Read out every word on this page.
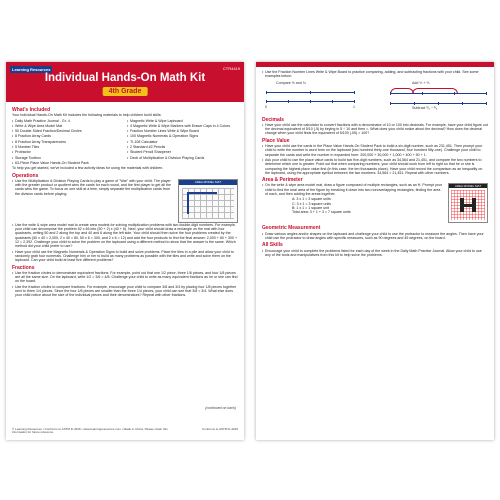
Learning Resources	CTR4419
Individual Hands-On Math Kit
4th Grade
What's Included
Your Individual Hands-On Math Kit includes the following materials to help children build skills:
• Daily Math Practice Journal - Gr. 4
• Write & Wipe Area Model Mat
• 50 Double-Sided Fraction/Decimal Circles
• 8 Fraction Array Cards
• 8 Fraction Array Transparencies
• 5 Number Tiles
• Protractor
• Storage Toolbox
• 63-Piece Place Value Hands-On Student Pack
• Magnetic Write & Wipe Lapboard
• 4 Magnetic Write & Wipe Markers with Eraser Caps in 4 Colors
• Fraction Number Lines Write & Wipe Board
• 100 Magnetic Numerals & Operation Signs
• TI-108 Calculator
• 2 Standard #2 Pencils
• Student Pencil Sharpener
• Deck of Multiplication & Division Playing Cards
To help you get started, we've included a few activity ideas for using the materials with children.
Operations
• Use the Multiplication & Division Playing Cards to play a game of "War" with your child. The player with the greater product or quotient wins the cards for each round, and the first player to get all the cards wins the game. To focus on one skill at a time, simply separate the multiplication cards from the division cards before playing.
AREA MODEL MAT
• Use the write & wipe area model mat to create area models for solving multiplication problems with two double-digit numbers. For example, your child can decompose the problem 52 x 46 into (50 + 2) x (40 + 6). Next, your child should draw a rectangle on the mat with four quadrants, writing 50 and 2 along the top and 40 and 6 along the left side. Your child should then solve the four problems created by the quadrants (50 x 40 = 2,000, 2 x 40 = 80, 50 x 6 = 300, and 2 x 6 = 12) and add the four products to find the final answer: 2,000 + 80 + 300 + 12 = 2,392. Challenge your child to solve the problem on the lapboard using a different method to show that the answer is the same. Which method did your child prefer to use?
• Have your child use the Magnetic Numerals & Operation Signs to build and solve problems. Place the tiles in a pile and allow your child to randomly grab four numerals. Challenge him or her to build as many problems as possible with the tiles and write and solve them on the lapboard. Can your child build at least five different problems?
Fractions
• Use the fraction circles to demonstrate equivalent fractions. For example, point out that one 1/2 piece, three 1/6 pieces, and four 1/8 pieces are all the same size. On the lapboard, write 1/2 = 3/6 = 4/8. Challenge your child to write as many equivalent fractions as he or she can find on the board.
• Use the fraction circles to compare fractions. For example, encourage your child to compare 3/8 and 3/4 by placing four 1/8 pieces together next to three 1/4 pieces. Since the four 1/8 pieces are smaller than the three 1/4 pieces, your child can see that 3/8 < 3/4. What else does your child notice about the size of the individual pieces and their denominators? Repeat with other fractions.
(continued on back)
© Learning Resources • Conforms to ASTM D-4236 • www.learningresources.com • Made in China. Please retain this information for future reference.
Conforms to ASTM D-4236
• Use the Fraction Number Lines Write & Wipe Board to practice comparing, adding, and subtracting fractions with your child. See some examples below:
Compare ½ and ¾
0	1
Add ⅓ + ⅔
Subtract ⁶⁄₈ − ²⁄₈
Decimals
• Have your child use the calculator to convert fractions with a denominator of 10 or 100 into decimals. For example, have your child figure out the decimal equivalent of 5/10 (.5) by keying in 5 ÷ 10 and then =. What does your child notice about the decimal? How does the decimal change when your child finds the equivalent of 5/100 (.05) = 100?
Place Value
• Have your child use the cards in the Place Value Hands-On Student Pack to build a six-digit number, such as 231,451. Then prompt your child to write the number in word form on the lapboard (two hundred thirty-one thousand, four hundred fifty-one). Challenge your child to separate the cards and write the number in expanded form: 200,000 + 30,000 + 1,000 + 400 + 50 + 1.
• Ask your child to use the place value cards to build two five-digit numbers, such as 34,564 and 21,451, and compare the two numbers to determine which one is greater. Point out that when comparing numbers, your child should work from left to right so that he or she is comparing the highest place value first (in this case, the ten thousands place). Have your child record the comparison as an inequality on the lapboard, using the appropriate symbol between the two numbers: 34,564 > 21,451. Repeat with other numbers.
Area & Perimeter
• On the write & wipe area model mat, draw a figure composed of multiple rectangles, such as an H. Prompt your child to find the total area of the figure by breaking it down into two nonoverlapping rectangles, finding the area of each, and then adding the areas together.
A: 3 x 1 = 3 square units
C: 3 x 1 = 3 square units
B: 1 x 1 = 1 square unit
Total area: 3 + 1 + 3 = 7 square units
AREA MODEL MAT
Geometric Measurement
• Draw various angles and/or shapes on the lapboard and challenge your child to use the protractor to measure the angles. Then have your child use the protractor to draw angles with specific measures, such as 90 degrees and 45 degrees, on the board.
All Skills
• Encourage your child to complete the problems listed for each day of the week in the Daily Math Practice Journal. Allow your child to use any of the tools and manipulatives from this kit to help solve the problems.
